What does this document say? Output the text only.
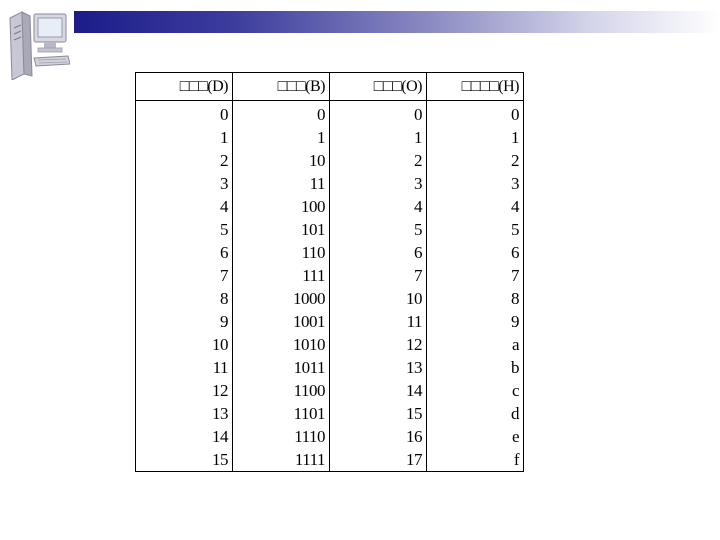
□□□(D)	□□□(B)	□□□(O)	□□□□(H)
0	0	0	0
1	1	1	1
2	10	2	2
3	11	3	3
4	100	4	4
5	101	5	5
6	110	6	6
7	111	7	7
8	1000	10	8
9	1001	11	9
10	1010	12	a
11	1011	13	b
12	1100	14	c
13	1101	15	d
14	1110	16	e
15	1111	17	f
